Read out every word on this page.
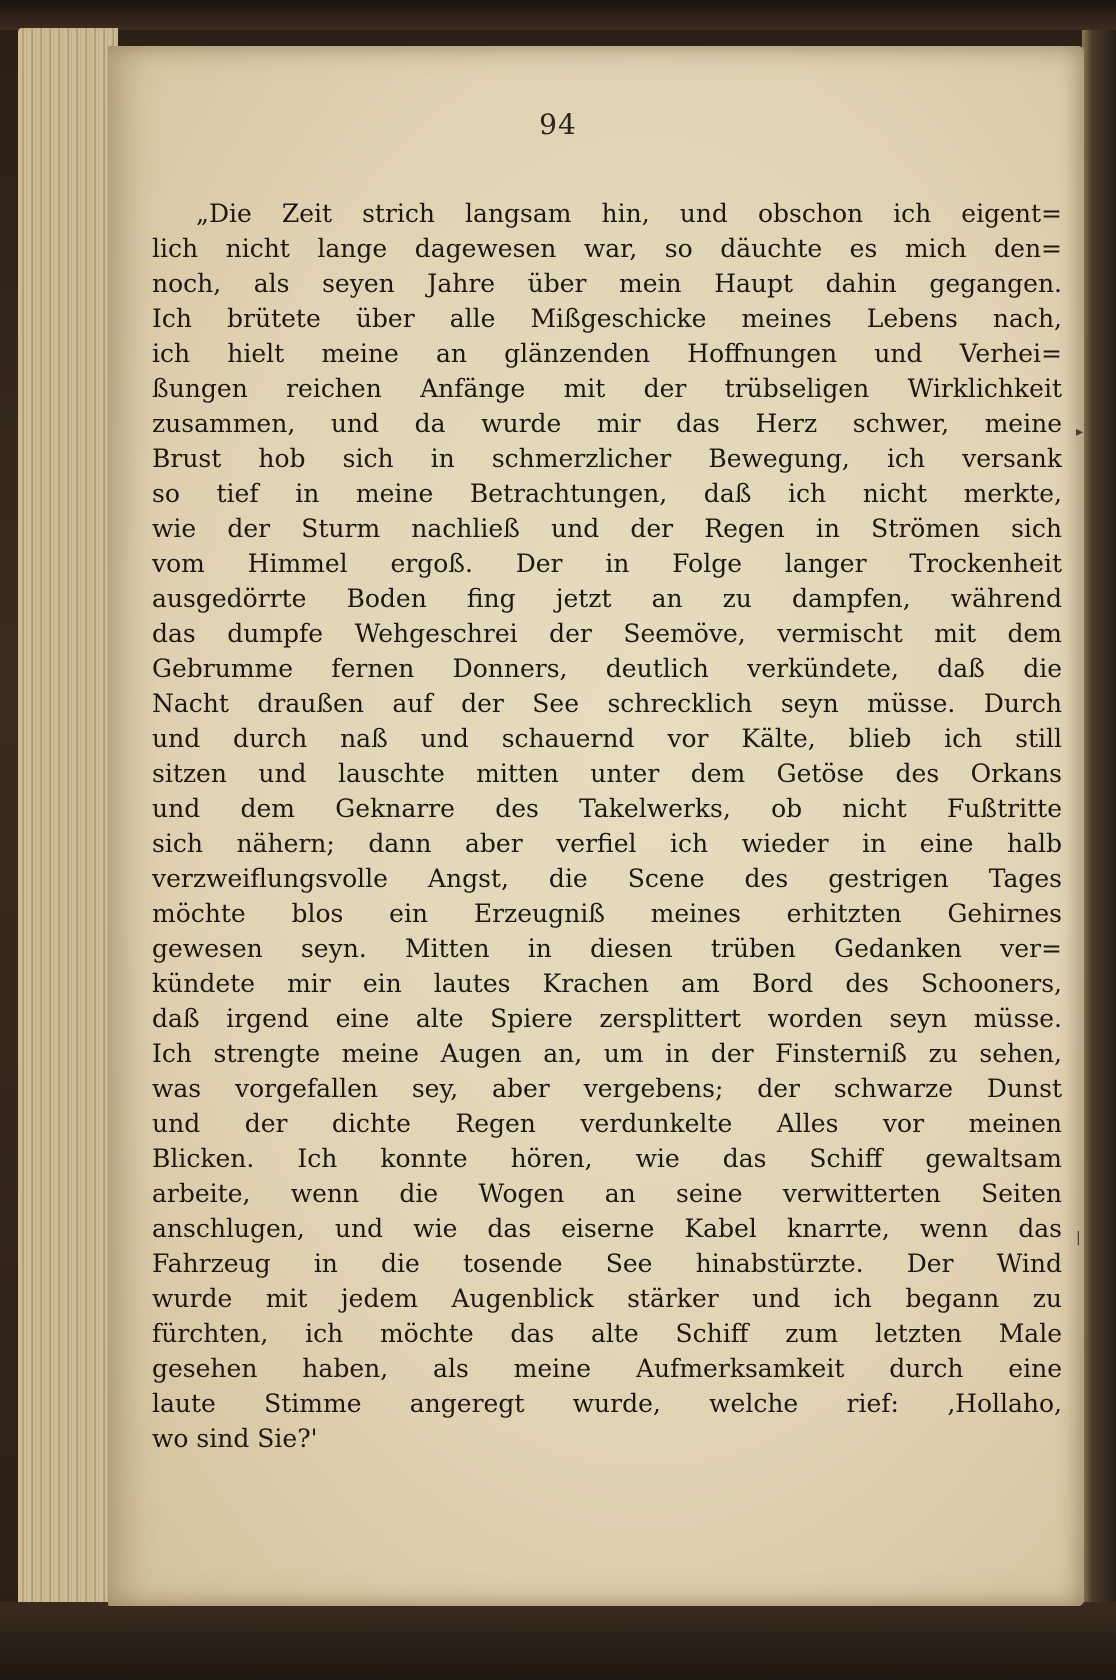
94
▸
|
„Die Zeit strich langsam hin, und obschon ich eigent=
lich nicht lange dagewesen war, so däuchte es mich den=
noch, als seyen Jahre über mein Haupt dahin gegangen.
Ich brütete über alle Mißgeschicke meines Lebens nach,
ich hielt meine an glänzenden Hoffnungen und Verhei=
ßungen reichen Anfänge mit der trübseligen Wirklichkeit
zusammen, und da wurde mir das Herz schwer, meine
Brust hob sich in schmerzlicher Bewegung, ich versank
so tief in meine Betrachtungen, daß ich nicht merkte,
wie der Sturm nachließ und der Regen in Strömen sich
vom Himmel ergoß. Der in Folge langer Trockenheit
ausgedörrte Boden fing jetzt an zu dampfen, während
das dumpfe Wehgeschrei der Seemöve, vermischt mit dem
Gebrumme fernen Donners, deutlich verkündete, daß die
Nacht draußen auf der See schrecklich seyn müsse. Durch
und durch naß und schauernd vor Kälte, blieb ich still
sitzen und lauschte mitten unter dem Getöse des Orkans
und dem Geknarre des Takelwerks, ob nicht Fußtritte
sich nähern; dann aber verfiel ich wieder in eine halb
verzweiflungsvolle Angst, die Scene des gestrigen Tages
möchte blos ein Erzeugniß meines erhitzten Gehirnes
gewesen seyn. Mitten in diesen trüben Gedanken ver=
kündete mir ein lautes Krachen am Bord des Schooners,
daß irgend eine alte Spiere zersplittert worden seyn müsse.
Ich strengte meine Augen an, um in der Finsterniß zu sehen,
was vorgefallen sey, aber vergebens; der schwarze Dunst
und der dichte Regen verdunkelte Alles vor meinen
Blicken. Ich konnte hören, wie das Schiff gewaltsam
arbeite, wenn die Wogen an seine verwitterten Seiten
anschlugen, und wie das eiserne Kabel knarrte, wenn das
Fahrzeug in die tosende See hinabstürzte. Der Wind
wurde mit jedem Augenblick stärker und ich begann zu
fürchten, ich möchte das alte Schiff zum letzten Male
gesehen haben, als meine Aufmerksamkeit durch eine
laute Stimme angeregt wurde, welche rief: ‚Hollaho,
wo sind Sie?'
